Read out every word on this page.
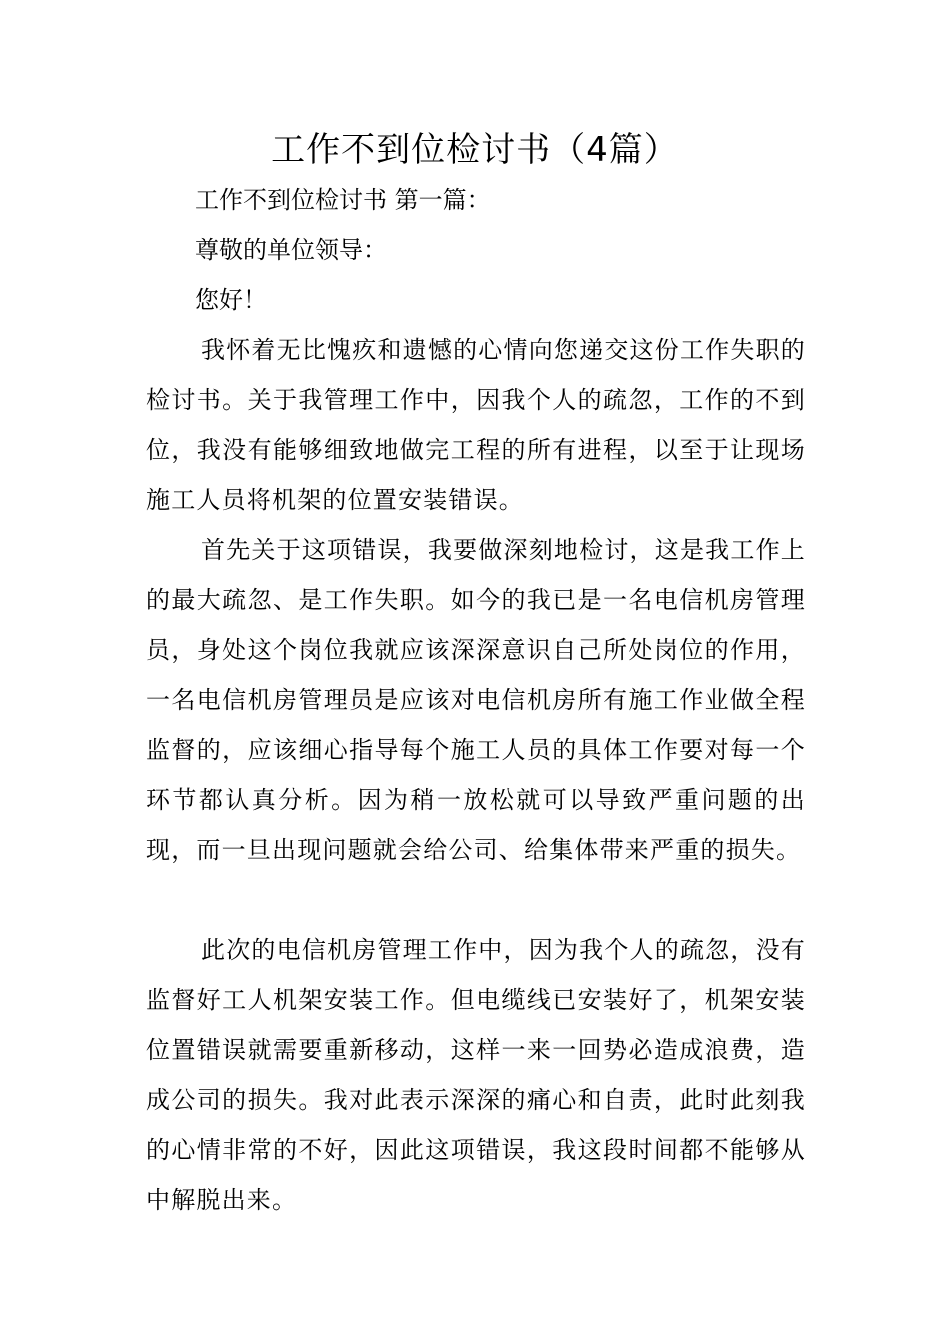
工作不到位检讨书（4篇）
工作不到位检讨书 第一篇：
尊敬的单位领导：
您好！

我怀着无比愧疚和遗憾的心情向您递交这份工作失职的检讨书。关于我管理工作中，因我个人的疏忽，工作的不到位，我没有能够细致地做完工程的所有进程，以至于让现场施工人员将机架的位置安装错误。

首先关于这项错误，我要做深刻地检讨，这是我工作上的最大疏忽、是工作失职。如今的我已是一名电信机房管理员，身处这个岗位我就应该深深意识自己所处岗位的作用，一名电信机房管理员是应该对电信机房所有施工作业做全程监督的，应该细心指导每个施工人员的具体工作要对每一个环节都认真分析。因为稍一放松就可以导致严重问题的出现，而一旦出现问题就会给公司、给集体带来严重的损失。

此次的电信机房管理工作中，因为我个人的疏忽，没有监督好工人机架安装工作。但电缆线已安装好了，机架安装位置错误就需要重新移动，这样一来一回势必造成浪费，造成公司的损失。我对此表示深深的痛心和自责，此时此刻我的心情非常的不好，因此这项错误，我这段时间都不能够从中解脱出来。
